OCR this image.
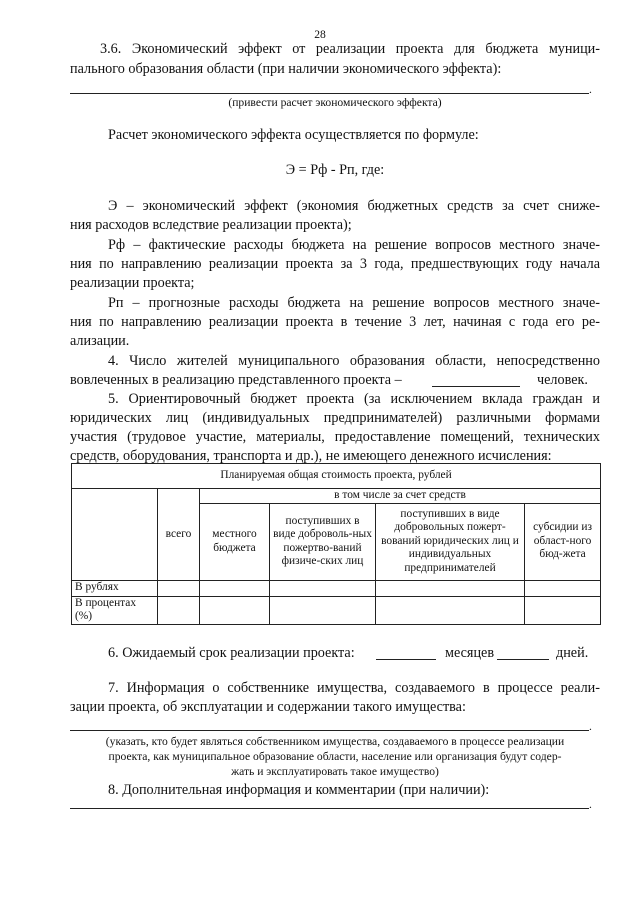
28
3.6. Экономический эффект от реализации проекта для бюджета муници-
пального образования области (при наличии экономического эффекта):
.
(привести расчет экономического эффекта)
Расчет экономического эффекта осуществляется по формуле:
Э = Рф - Рп, где:
Э – экономический эффект (экономия бюджетных средств за счет сниже-
ния расходов вследствие реализации проекта);
Рф – фактические расходы бюджета на решение вопросов местного значе-
ния по направлению реализации проекта за 3 года, предшествующих году начала
реализации проекта;
Рп – прогнозные расходы бюджета на решение вопросов местного значе-
ния по направлению реализации проекта в течение 3 лет, начиная с года его ре-
ализации.
4. Число жителей муниципального образования области, непосредственно
вовлеченных в реализацию представленного проекта –	человек.
5. Ориентировочный бюджет проекта (за исключением вклада граждан и
юридических лиц (индивидуальных предпринимателей) различными формами
участия (трудовое участие, материалы, предоставление помещений, технических
средств, оборудования, транспорта и др.), не имеющего денежного исчисления:
Планируемая общая стоимость проекта, рублей					
	всего	в том числе за счет средств			
		местного бюджета	поступивших в виде доброволь-ных пожертво-ваний физиче-ских лиц	поступивших в виде добровольных пожерт-вований юридических лиц и индивидуальных предпринимателей	субсидии из област-ного бюд-жета
В рублях					
В процентах (%)					
6. Ожидаемый срок реализации проекта:	месяцев	дней.
7. Информация о собственнике имущества, создаваемого в процессе реали-
зации проекта, об эксплуатации и содержании такого имущества:
.
(указать, кто будет являться собственником имущества, создаваемого в процессе реализации
проекта, как муниципальное образование области, население или организация будут содер-
жать и эксплуатировать такое имущество)
8. Дополнительная информация и комментарии (при наличии):
.
